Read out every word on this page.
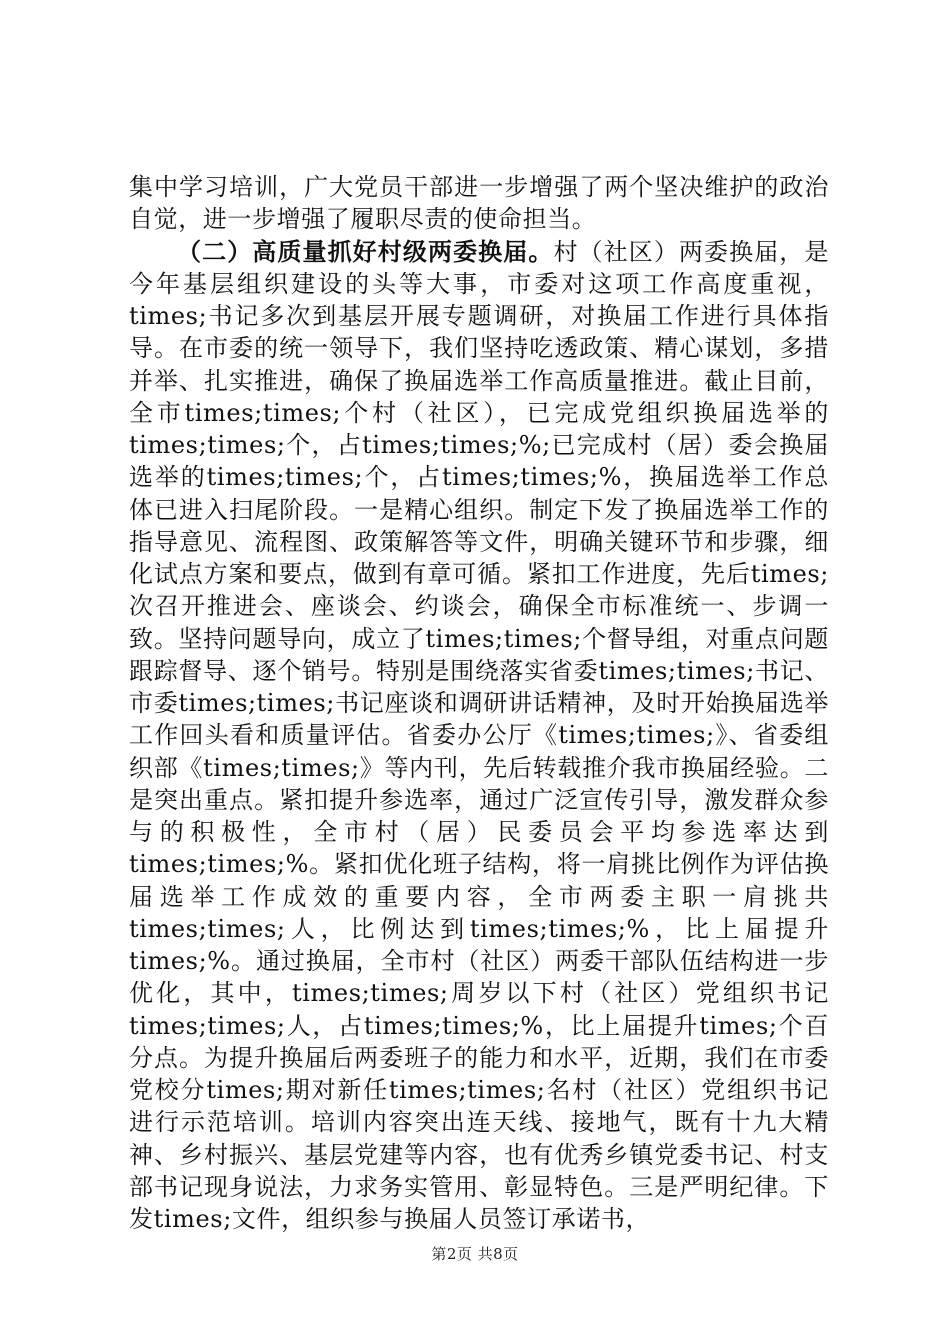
集中学习培训，广大党员干部进一步增强了两个坚决维护的政治自觉，进一步增强了履职尽责的使命担当。

（二）高质量抓好村级两委换届。村（社区）两委换届，是今年基层组织建设的头等大事，市委对这项工作高度重视，times;书记多次到基层开展专题调研，对换届工作进行具体指导。在市委的统一领导下，我们坚持吃透政策、精心谋划，多措并举、扎实推进，确保了换届选举工作高质量推进。截止目前，全市times;times;个村（社区），已完成党组织换届选举的times;times;个，占times;times;%;已完成村（居）委会换届选举的times;times;个，占times;times;%，换届选举工作总体已进入扫尾阶段。一是精心组织。制定下发了换届选举工作的指导意见、流程图、政策解答等文件，明确关键环节和步骤，细化试点方案和要点，做到有章可循。紧扣工作进度，先后times;次召开推进会、座谈会、约谈会，确保全市标准统一、步调一致。坚持问题导向，成立了times;times;个督导组，对重点问题跟踪督导、逐个销号。特别是围绕落实省委times;times;书记、市委times;times;书记座谈和调研讲话精神，及时开始换届选举工作回头看和质量评估。省委办公厅《times;times;》、省委组织部《times;times;》等内刊，先后转载推介我市换届经验。二是突出重点。紧扣提升参选率，通过广泛宣传引导，激发群众参与的积极性，全市村（居）民委员会平均参选率达到times;times;%。紧扣优化班子结构，将一肩挑比例作为评估换届选举工作成效的重要内容，全市两委主职一肩挑共times;times;人，比例达到times;times;%，比上届提升times;%。通过换届，全市村（社区）两委干部队伍结构进一步优化，其中，times;times;周岁以下村（社区）党组织书记times;times;人，占times;times;%，比上届提升times;个百分点。为提升换届后两委班子的能力和水平，近期，我们在市委党校分times;期对新任times;times;名村（社区）党组织书记进行示范培训。培训内容突出连天线、接地气，既有十九大精神、乡村振兴、基层党建等内容，也有优秀乡镇党委书记、村支部书记现身说法，力求务实管用、彰显特色。三是严明纪律。下发times;文件，组织参与换届人员签订承诺书，

第2页 共8页
